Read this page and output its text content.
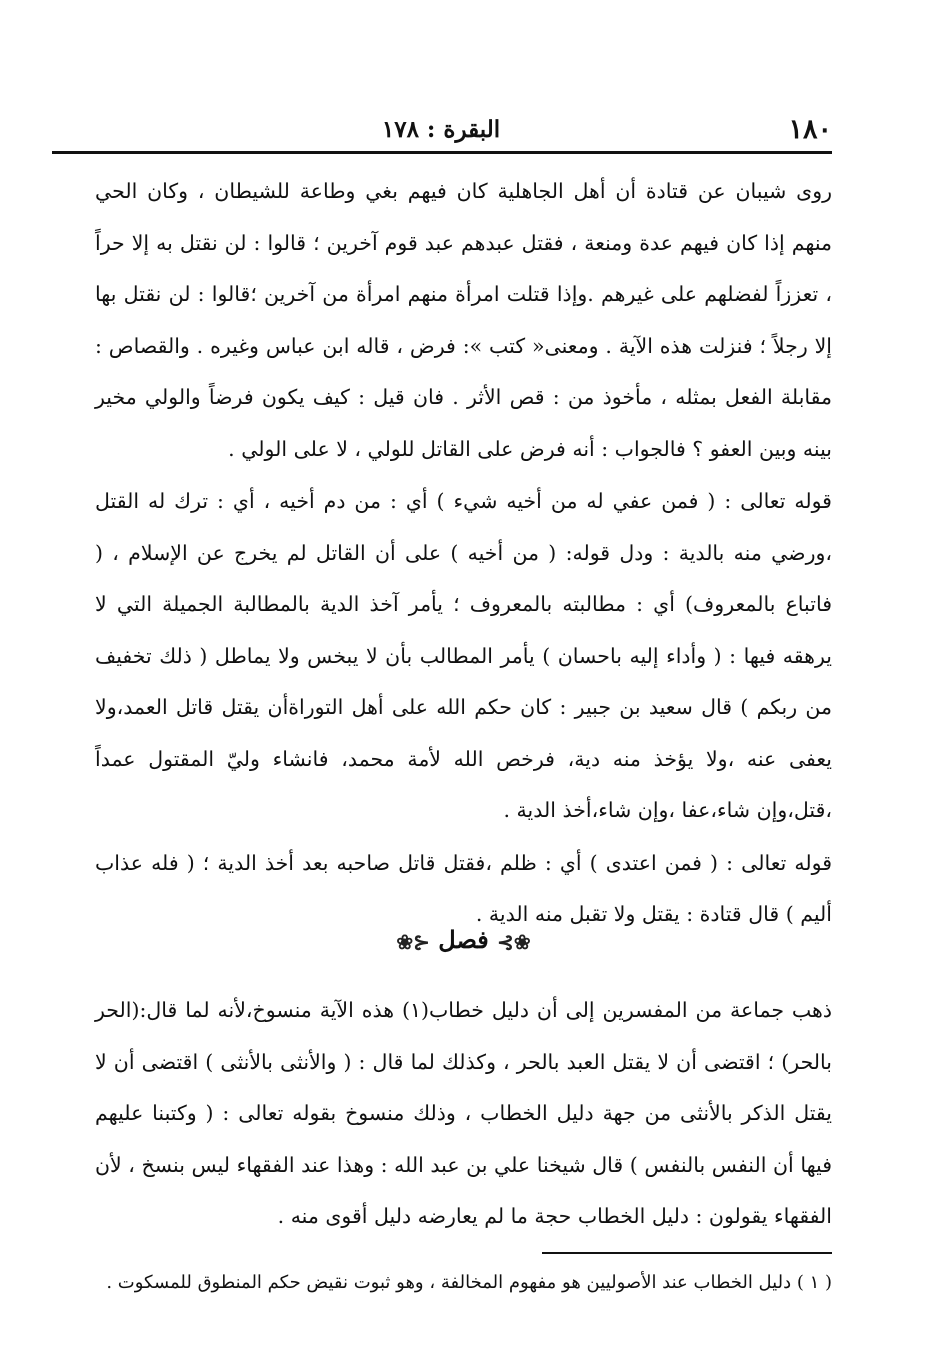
١٨٠
البقرة : ١٧٨

روى شيبان عن قتادة أن أهل الجاهلية كان فيهم بغي وطاعة للشيطان ، وكان الحي منهم إذا كان فيهم عدة ومنعة ، فقتل عبدهم عبد قوم آخرين ؛ قالوا : لن نقتل به إلا حراً ، تعززاً لفضلهم على غيرهم .وإذا قتلت امرأة منهم امرأة من آخرين ؛قالوا : لن نقتل بها إلا رجلاً ؛ فنزلت هذه الآية . ومعنى« كتب »: فرض ، قاله ابن عباس وغيره . والقصاص : مقابلة الفعل بمثله ، مأخوذ من : قص الأثر . فان قيل : كيف يكون فرضاً والولي مخير بينه وبين العفو ؟ فالجواب : أنه فرض على القاتل للولي ، لا على الولي .

قوله تعالى : ( فمن عفي له من أخيه شيء ) أي : من دم أخيه ، أي : ترك له القتل ،ورضي منه بالدية : ودل قوله: ( من أخيه ) على أن القاتل لم يخرج عن الإسلام ، ( فاتباع بالمعروف) أي : مطالبته بالمعروف ؛ يأمر آخذ الدية بالمطالبة الجميلة التي لا يرهقه فيها : ( وأداء إليه باحسان ) يأمر المطالب بأن لا يبخس ولا يماطل ( ذلك تخفيف من ربكم ) قال سعيد بن جبير : كان حكم الله على أهل التوراةأن يقتل قاتل العمد،ولا يعفى عنه ،ولا يؤخذ منه دية، فرخص الله لأمة محمد، فانشاء وليّ المقتول عمداً ،قتل،وإن شاء،عفا ،وإن شاء،أخذ الدية .

قوله تعالى : ( فمن اعتدى ) أي : ظلم ،فقتل قاتل صاحبه بعد أخذ الدية ؛ ( فله عذاب أليم ) قال قتادة : يقتل ولا تقبل منه الدية .

❀⊱ فصل ⊰❀

ذهب جماعة من المفسرين إلى أن دليل خطاب(١) هذه الآية منسوخ،لأنه لما قال:(الحر بالحر) ؛ اقتضى أن لا يقتل العبد بالحر ، وكذلك لما قال : ( والأنثى بالأنثى ) اقتضى أن لا يقتل الذكر بالأنثى من جهة دليل الخطاب ، وذلك منسوخ بقوله تعالى : ( وكتبنا عليهم فيها أن النفس بالنفس ) قال شيخنا علي بن عبد الله : وهذا عند الفقهاء ليس بنسخ ، لأن الفقهاء يقولون : دليل الخطاب حجة ما لم يعارضه دليل أقوى منه .

( ١ ) دليل الخطاب عند الأصوليين هو مفهوم المخالفة ، وهو ثبوت نقيض حكم المنطوق للمسكوت .
